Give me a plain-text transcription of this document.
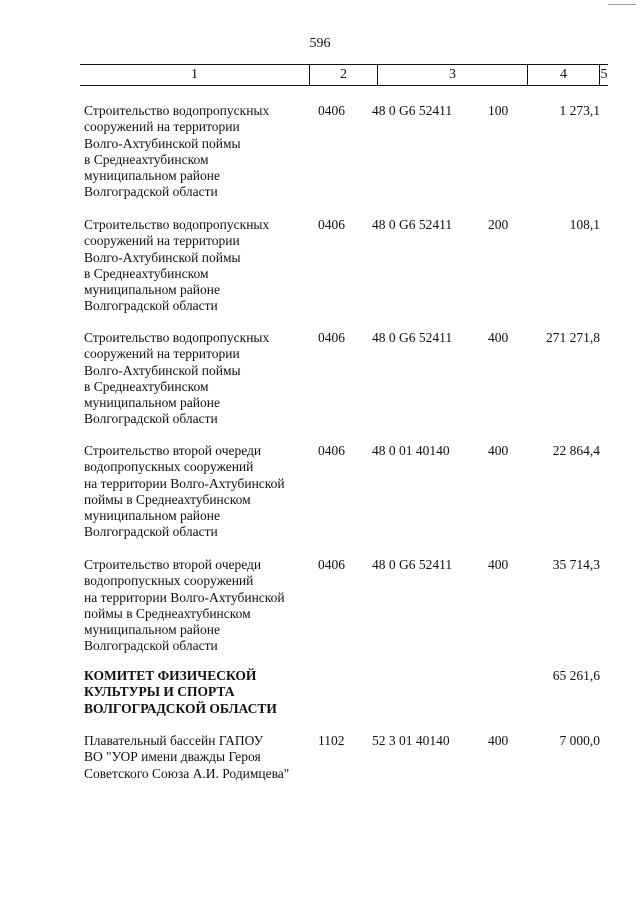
596
1	2	3	4	5
Строительство водопропускных
сооружений на территории
Волго-Ахтубинской поймы
в Среднеахтубинском
муниципальном районе
Волгоградской области
0406	48 0 G6 52411	100	1 273,1
Строительство водопропускных
сооружений на территории
Волго-Ахтубинской поймы
в Среднеахтубинском
муниципальном районе
Волгоградской области
0406	48 0 G6 52411	200	108,1
Строительство водопропускных
сооружений на территории
Волго-Ахтубинской поймы
в Среднеахтубинском
муниципальном районе
Волгоградской области
0406	48 0 G6 52411	400	271 271,8
Строительство второй очереди
водопропускных сооружений
на территории Волго-Ахтубинской
поймы в Среднеахтубинском
муниципальном районе
Волгоградской области
0406	48 0 01 40140	400	22 864,4
Строительство второй очереди
водопропускных сооружений
на территории Волго-Ахтубинской
поймы в Среднеахтубинском
муниципальном районе
Волгоградской области
0406	48 0 G6 52411	400	35 714,3
КОМИТЕТ ФИЗИЧЕСКОЙ
КУЛЬТУРЫ И СПОРТА
ВОЛГОГРАДСКОЙ ОБЛАСТИ
65 261,6
Плавательный бассейн ГАПОУ
ВО "УОР имени дважды Героя
Советского Союза А.И. Родимцева"
1102	52 3 01 40140	400	7 000,0
